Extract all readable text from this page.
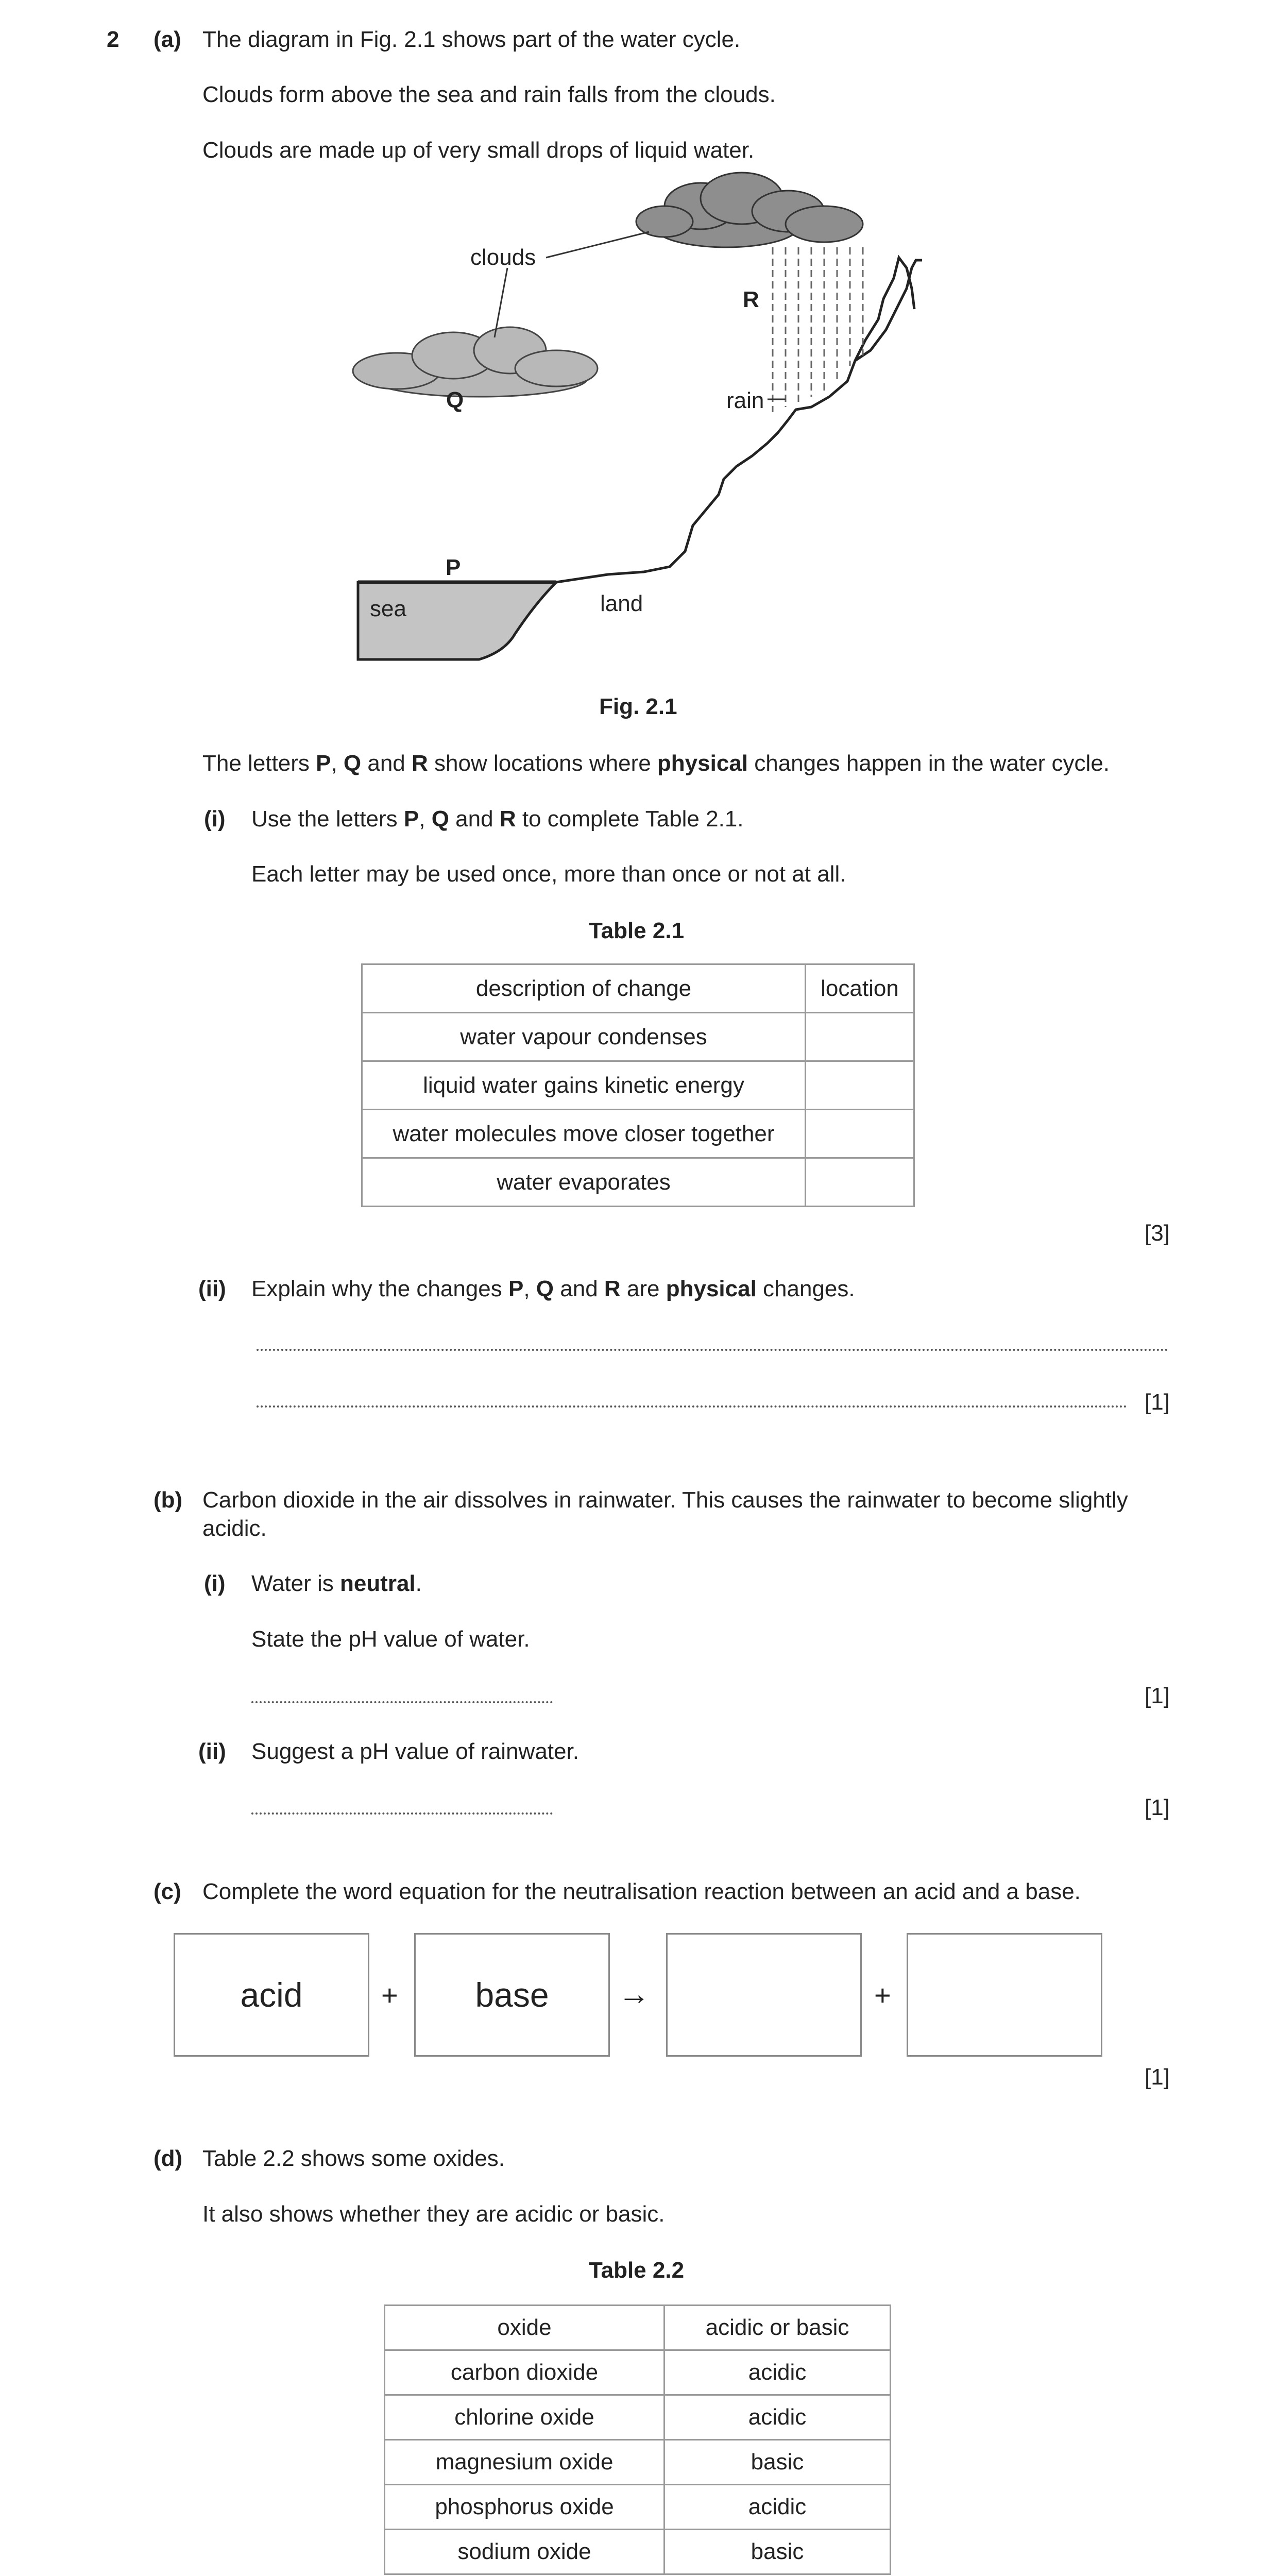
2 (a) The diagram in Fig. 2.1 shows part of the water cycle.
Clouds form above the sea and rain falls from the clouds.
Clouds are made up of very small drops of liquid water.
clouds
R
Q	rain
P
sea	land
Fig. 2.1
The letters P, Q and R show locations where physical changes happen in the water cycle.
(i) Use the letters P, Q and R to complete Table 2.1.
Each letter may be used once, more than once or not at all.
Table 2.1
description of change	location
water vapour condenses	
liquid water gains kinetic energy	
water molecules move closer together	
water evaporates	
[3]
(ii) Explain why the changes P, Q and R are physical changes.
[1]
(b) Carbon dioxide in the air dissolves in rainwater. This causes the rainwater to become slightly
acidic.
(i) Water is neutral.
State the pH value of water.
[1]
(ii) Suggest a pH value of rainwater.
[1]
(c) Complete the word equation for the neutralisation reaction between an acid and a base.
acid	+	base	→	+
[1]
(d) Table 2.2 shows some oxides.
It also shows whether they are acidic or basic.
Table 2.2
oxide	acidic or basic
carbon dioxide	acidic
chlorine oxide	acidic
magnesium oxide	basic
phosphorus oxide	acidic
sodium oxide	basic
